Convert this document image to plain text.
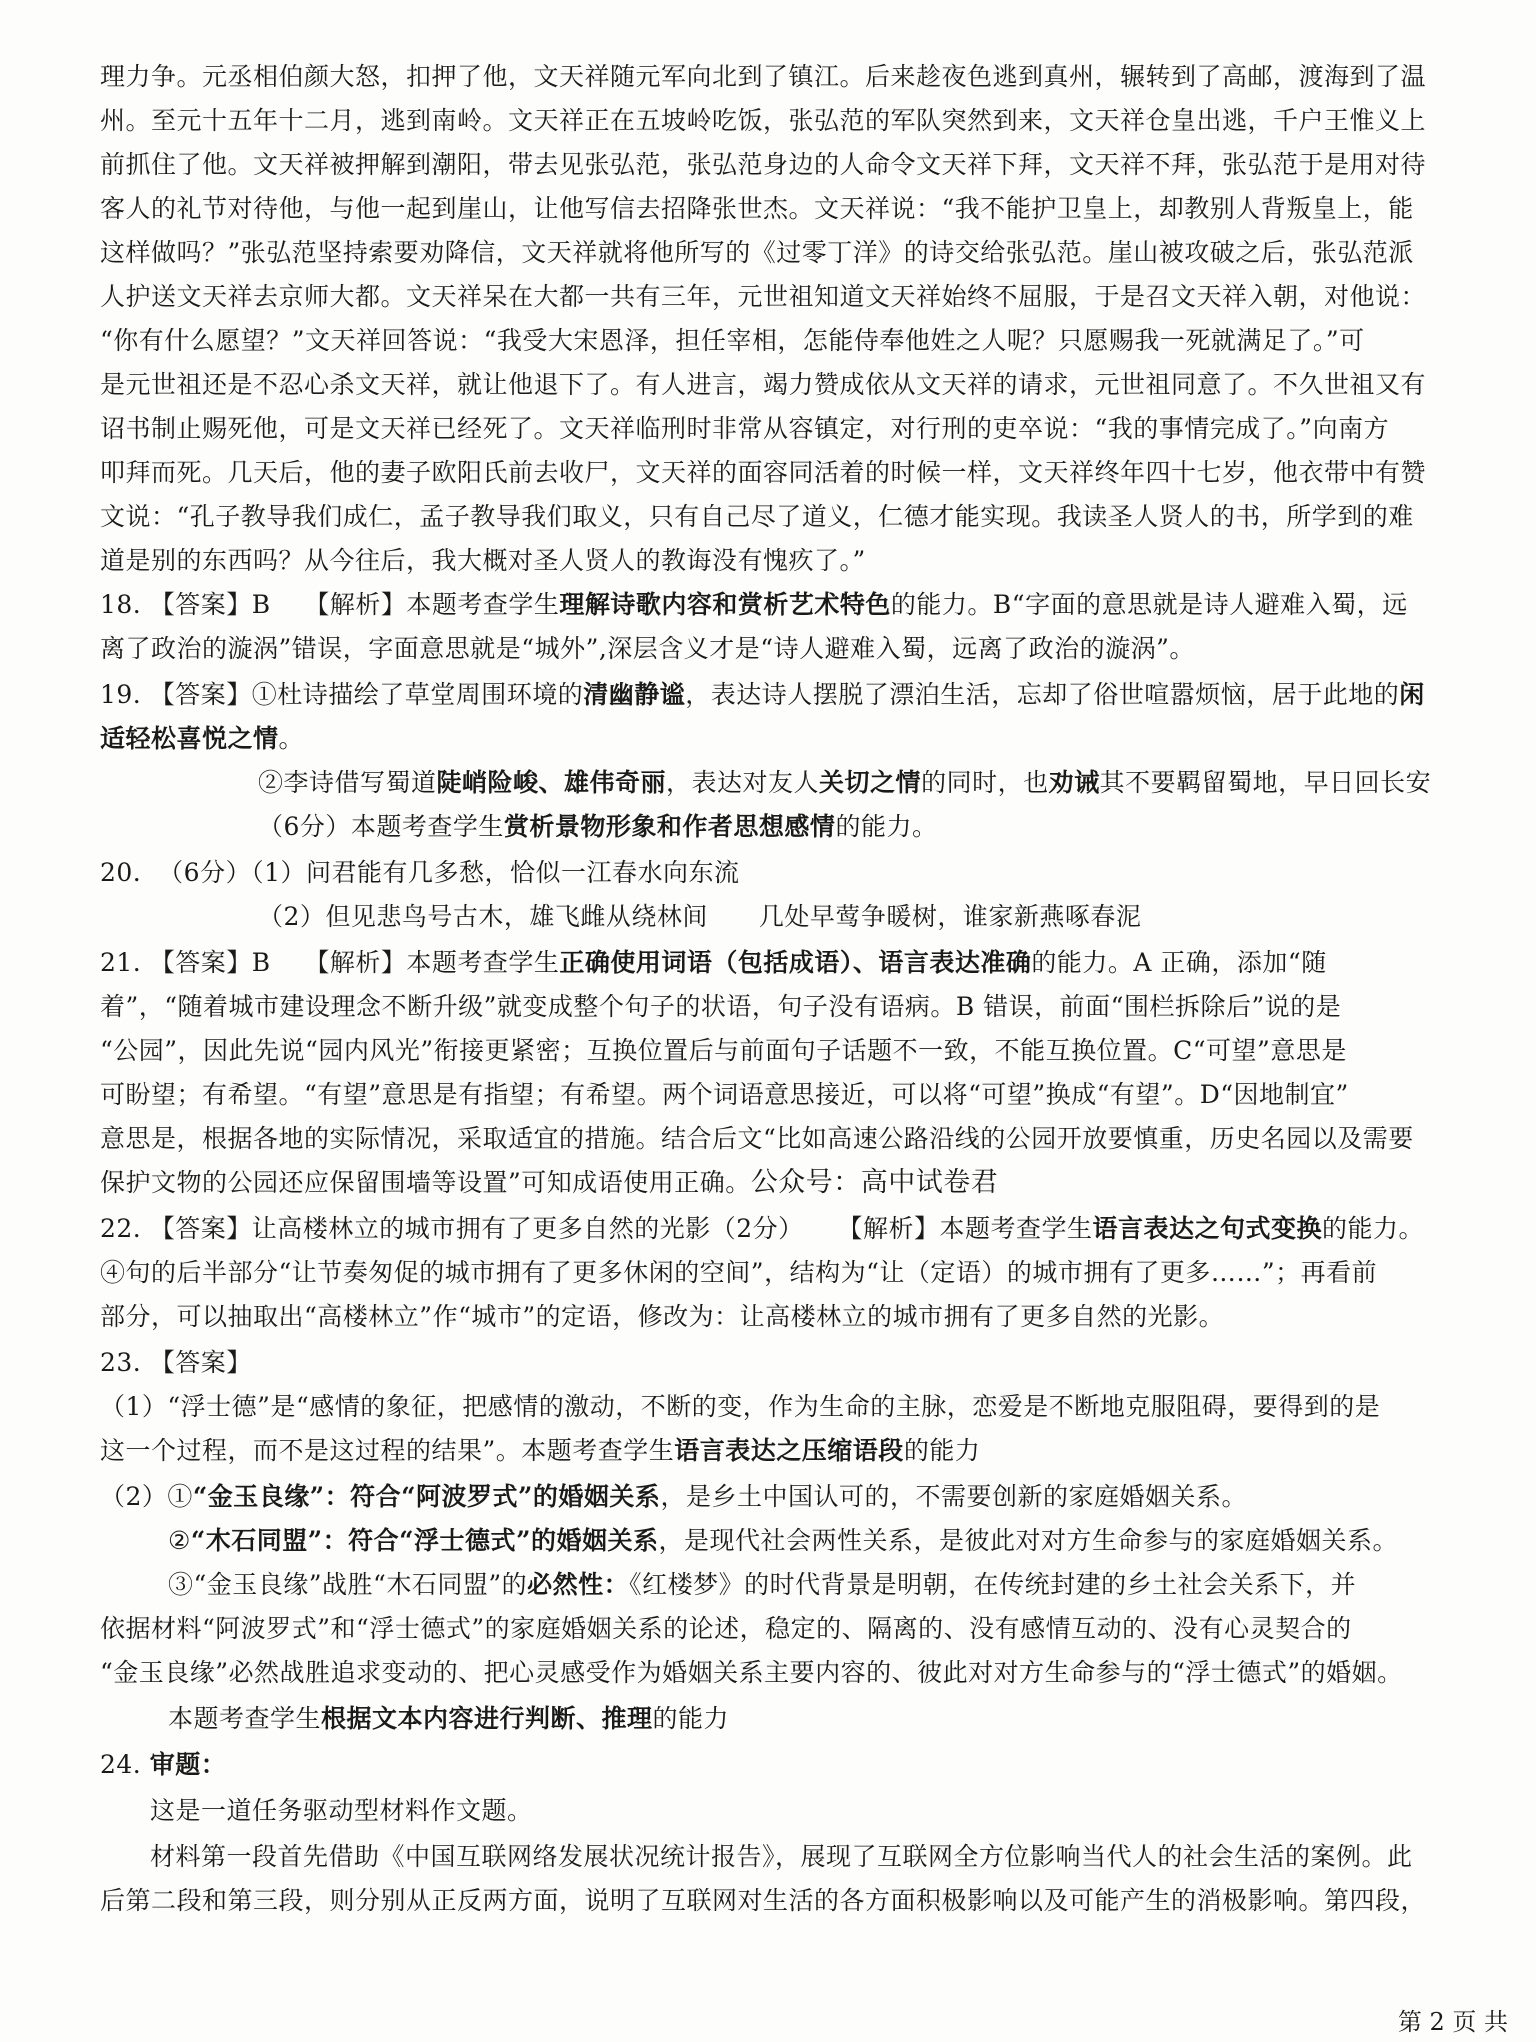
理力争。元丞相伯颜大怒，扣押了他，文天祥随元军向北到了镇江。后来趁夜色逃到真州，辗转到了高邮，渡海到了温
州。至元十五年十二月，逃到南岭。文天祥正在五坡岭吃饭，张弘范的军队突然到来，文天祥仓皇出逃，千户王惟义上
前抓住了他。文天祥被押解到潮阳，带去见张弘范，张弘范身边的人命令文天祥下拜，文天祥不拜，张弘范于是用对待
客人的礼节对待他，与他一起到崖山，让他写信去招降张世杰。文天祥说：“我不能护卫皇上，却教别人背叛皇上，能
这样做吗？”张弘范坚持索要劝降信，文天祥就将他所写的《过零丁洋》的诗交给张弘范。崖山被攻破之后，张弘范派
人护送文天祥去京师大都。文天祥呆在大都一共有三年，元世祖知道文天祥始终不屈服，于是召文天祥入朝，对他说：
“你有什么愿望？”文天祥回答说：“我受大宋恩泽，担任宰相，怎能侍奉他姓之人呢？只愿赐我一死就满足了。”可
是元世祖还是不忍心杀文天祥，就让他退下了。有人进言，竭力赞成依从文天祥的请求，元世祖同意了。不久世祖又有
诏书制止赐死他，可是文天祥已经死了。文天祥临刑时非常从容镇定，对行刑的吏卒说：“我的事情完成了。”向南方
叩拜而死。几天后，他的妻子欧阳氏前去收尸，文天祥的面容同活着的时候一样，文天祥终年四十七岁，他衣带中有赞
文说：“孔子教导我们成仁，孟子教导我们取义，只有自己尽了道义，仁德才能实现。我读圣人贤人的书，所学到的难
道是别的东西吗？从今往后，我大概对圣人贤人的教诲没有愧疚了。”
18. 【答案】B 【解析】本题考查学生理解诗歌内容和赏析艺术特色的能力。B“字面的意思就是诗人避难入蜀，远
离了政治的漩涡”错误，字面意思就是“城外”,深层含义才是“诗人避难入蜀，远离了政治的漩涡”。
19. 【答案】①杜诗描绘了草堂周围环境的清幽静谧，表达诗人摆脱了漂泊生活，忘却了俗世喧嚣烦恼，居于此地的闲
适轻松喜悦之情。
②李诗借写蜀道陡峭险峻、雄伟奇丽，表达对友人关切之情的同时，也劝诫其不要羁留蜀地，早日回长安
（6分）本题考查学生赏析景物形象和作者思想感情的能力。
20. （6分）（1）问君能有几多愁，恰似一江春水向东流
（2）但见悲鸟号古木，雄飞雌从绕林间　　几处早莺争暖树，谁家新燕啄春泥
21. 【答案】B 【解析】本题考查学生正确使用词语（包括成语）、语言表达准确的能力。A 正确，添加“随
着”，“随着城市建设理念不断升级”就变成整个句子的状语，句子没有语病。B 错误，前面“围栏拆除后”说的是
“公园”，因此先说“园内风光”衔接更紧密；互换位置后与前面句子话题不一致，不能互换位置。C“可望”意思是
可盼望；有希望。“有望”意思是有指望；有希望。两个词语意思接近，可以将“可望”换成“有望”。D“因地制宜”
意思是，根据各地的实际情况，采取适宜的措施。结合后文“比如高速公路沿线的公园开放要慎重，历史名园以及需要
保护文物的公园还应保留围墙等设置”可知成语使用正确。公众号：高中试卷君
22. 【答案】让高楼林立的城市拥有了更多自然的光影（2分） 【解析】本题考查学生语言表达之句式变换的能力。
④句的后半部分“让节奏匆促的城市拥有了更多休闲的空间”，结构为“让（定语）的城市拥有了更多……”；再看前
部分，可以抽取出“高楼林立”作“城市”的定语，修改为：让高楼林立的城市拥有了更多自然的光影。
23. 【答案】
（1）“浮士德”是“感情的象征，把感情的激动，不断的变，作为生命的主脉，恋爱是不断地克服阻碍，要得到的是
这一个过程，而不是这过程的结果”。本题考查学生语言表达之压缩语段的能力
（2）①“金玉良缘”：符合“阿波罗式”的婚姻关系，是乡土中国认可的，不需要创新的家庭婚姻关系。
②“木石同盟”：符合“浮士德式”的婚姻关系，是现代社会两性关系，是彼此对对方生命参与的家庭婚姻关系。
③“金玉良缘”战胜“木石同盟”的必然性：《红楼梦》的时代背景是明朝，在传统封建的乡土社会关系下，并
依据材料“阿波罗式”和“浮士德式”的家庭婚姻关系的论述，稳定的、隔离的、没有感情互动的、没有心灵契合的
“金玉良缘”必然战胜追求变动的、把心灵感受作为婚姻关系主要内容的、彼此对对方生命参与的“浮士德式”的婚姻。
本题考查学生根据文本内容进行判断、推理的能力
24. 审题：
这是一道任务驱动型材料作文题。
材料第一段首先借助《中国互联网络发展状况统计报告》，展现了互联网全方位影响当代人的社会生活的案例。此
后第二段和第三段，则分别从正反两方面，说明了互联网对生活的各方面积极影响以及可能产生的消极影响。第四段，
第 2 页 共
